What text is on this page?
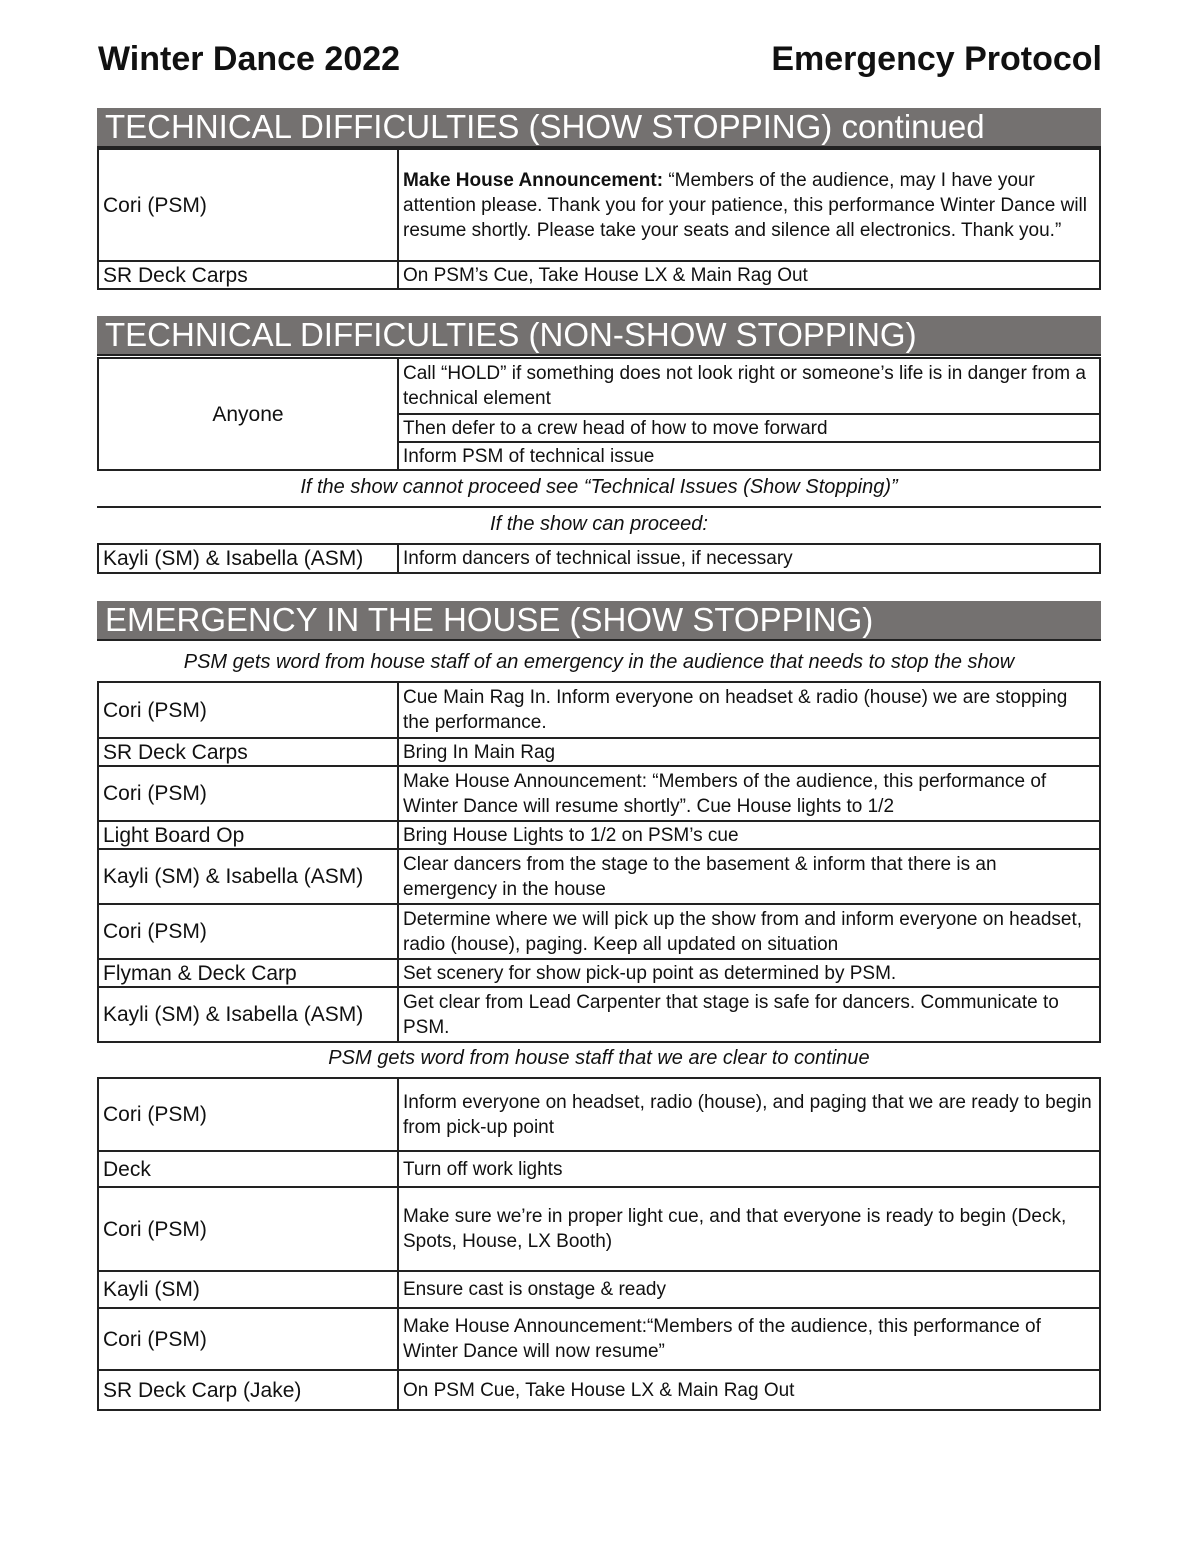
Winter Dance 2022	Emergency Protocol
TECHNICAL DIFFICULTIES (SHOW STOPPING) continued
Cori (PSM)	Make House Announcement: “Members of the audience, may I have your attention please. Thank you for your patience, this performance Winter Dance will resume shortly. Please take your seats and silence all electronics. Thank you.”
SR Deck Carps	On PSM’s Cue, Take House LX & Main Rag Out
TECHNICAL DIFFICULTIES (NON-SHOW STOPPING)
Anyone	Call “HOLD” if something does not look right or someone’s life is in danger from a technical element
Then defer to a crew head of how to move forward
Inform PSM of technical issue
If the show cannot proceed see “Technical Issues (Show Stopping)”
If the show can proceed:
Kayli (SM) & Isabella (ASM)	Inform dancers of technical issue, if necessary
EMERGENCY IN THE HOUSE (SHOW STOPPING)
PSM gets word from house staff of an emergency in the audience that needs to stop the show
Cori (PSM)	Cue Main Rag In. Inform everyone on headset & radio (house) we are stopping the performance.
SR Deck Carps	Bring In Main Rag
Cori (PSM)	Make House Announcement: “Members of the audience, this performance of Winter Dance will resume shortly”. Cue House lights to 1/2
Light Board Op	Bring House Lights to 1/2 on PSM’s cue
Kayli (SM) & Isabella (ASM)	Clear dancers from the stage to the basement & inform that there is an emergency in the house
Cori (PSM)	Determine where we will pick up the show from and inform everyone on headset, radio (house), paging. Keep all updated on situation
Flyman & Deck Carp	Set scenery for show pick-up point as determined by PSM.
Kayli (SM) & Isabella (ASM)	Get clear from Lead Carpenter that stage is safe for dancers. Communicate to PSM.
PSM gets word from house staff that we are clear to continue
Cori (PSM)	Inform everyone on headset, radio (house), and paging that we are ready to begin from pick-up point
Deck	Turn off work lights
Cori (PSM)	Make sure we’re in proper light cue, and that everyone is ready to begin (Deck, Spots, House, LX Booth)
Kayli (SM)	Ensure cast is onstage & ready
Cori (PSM)	Make House Announcement:“Members of the audience, this performance of Winter Dance will now resume”
SR Deck Carp (Jake)	On PSM Cue, Take House LX & Main Rag Out
